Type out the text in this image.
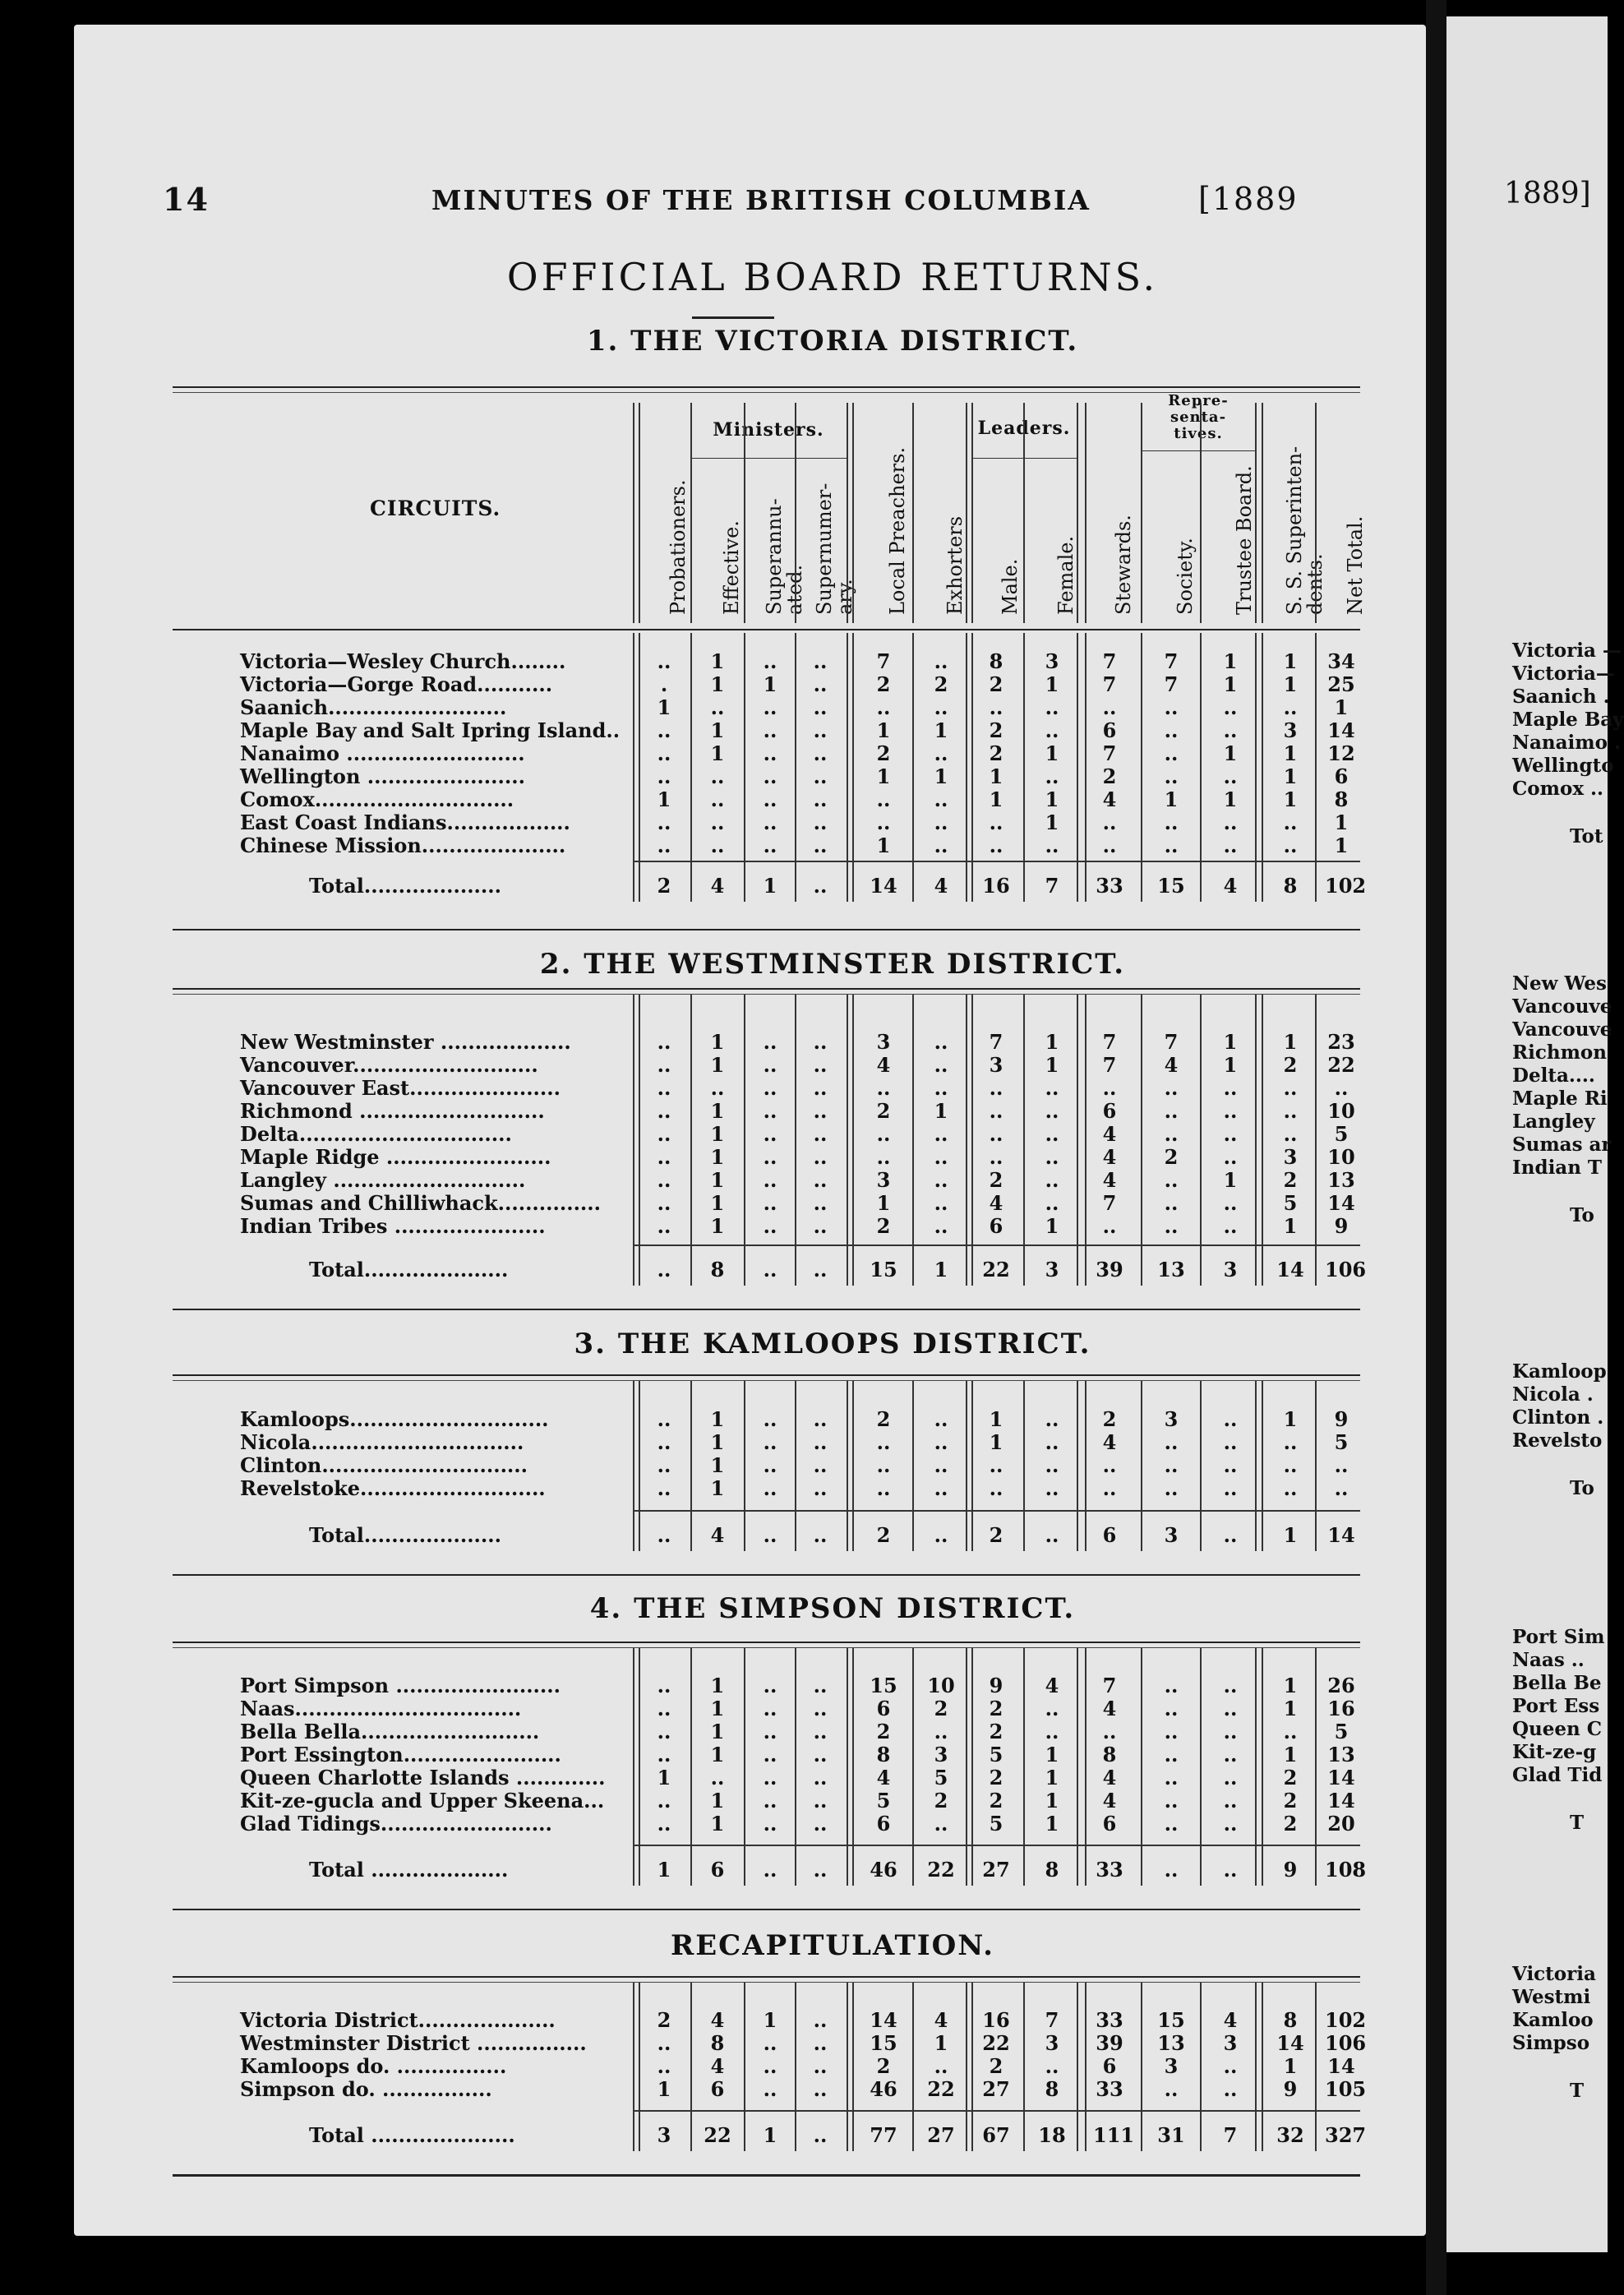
14	MINUTES OF THE BRITISH COLUMBIA	[1889
OFFICIAL BOARD RETURNS.
CIRCUITS.
Ministers.	Leaders.
Repre-
senta-
tives.
Probationers. Effective. Superannu-
ated. Supernumer-
ary. Local Preachers. Exhorters Male. Female. Stewards. Society. Trustee Board. S. S. Superinten-
dents. Net Total.
1. THE VICTORIA DISTRICT.
Victoria—Wesley Church........	..	1	..	..	7	..	8	3	7	7	1	1	34
Victoria—Gorge Road...........	.	1	1	..	2	2	2	1	7	7	1	1	25
Saanich..........................	1	..	..	..	..	..	..	..	..	..	..	..	1
Maple Bay and Salt Ipring Island..	..	1	..	..	1	1	2	..	6	..	..	3	14
Nanaimo ..........................	..	1	..	..	2	..	2	1	7	..	1	1	12
Wellington .......................	..	..	..	..	1	1	1	..	2	..	..	1	6
Comox.............................	1	..	..	..	..	..	1	1	4	1	1	1	8
East Coast Indians..................	..	..	..	..	..	..	..	1	..	..	..	..	1
Chinese Mission.....................	..	..	..	..	1	..	..	..	..	..	..	..	1
Total....................	2	4	1	..	14	4	16	7	33 15	4	8	102
2. THE WESTMINSTER DISTRICT.
New Westminster ...................	..	1	..	..	3	..	7	1	7	7	1	1	23
Vancouver...........................	..	1	..	..	4	..	3	1	7	4	1	2	22
Vancouver East......................	..	..	..	..	..	..	..	..	..	..	..	..	..
Richmond ...........................	..	1	..	..	2	1	..	..	6	..	..	..	10
Delta...............................	..	1	..	..	..	..	..	..	4	..	..	..	5
Maple Ridge ........................	..	1	..	..	..	..	..	..	4	2	..	3	10
Langley ............................	..	1	..	..	3	..	2	..	4	..	1	2	13
Sumas and Chilliwhack...............	..	1	..	..	1	..	4	..	7	..	..	5	14
Indian Tribes ......................	..	1	..	..	2	..	6	1	..	..	..	1	9
Total.....................	..	8	..	..	15	1	22	3	39 13	3	14 106
3. THE KAMLOOPS DISTRICT.
Kamloops.............................	..	1	..	..	2	..	1	..	2	3	..	1	9
Nicola...............................	..	1	..	..	..	..	1	..	4	..	..	..	5
Clinton..............................	..	1	..	..	..	..	..	..	..	..	..	..	..
Revelstoke...........................	..	1	..	..	..	..	..	..	..	..	..	..	..
Total....................	..	4	..	..	2	..	2	..	6	3	..	1	14
4. THE SIMPSON DISTRICT.
Port Simpson ........................	..	1	..	..	15 10	9	4	7	..	..	1	26
Naas.................................	..	1	..	..	6	2	2	..	4	..	..	1	16
Bella Bella..........................	..	1	..	..	2	..	2	..	..	..	..	..	5
Port Essington.......................	..	1	..	..	8	3	5	1	8	..	..	1	13
Queen Charlotte Islands .............	1	..	..	..	4	5	2	1	4	..	..	2	14
Kit-ze-gucla and Upper Skeena...	..	1	..	..	5	2	2	1	4	..	..	2	14
Glad Tidings.........................	..	1	..	..	6	..	5	1	6	..	..	2	20
Total ....................	1	6	..	..	46 22 27	8	33	..	..	9	108
RECAPITULATION.
Victoria District....................	2	4	1	..	14	4	16	7	33 15	4	8	102
Westminster District ................	..	8	..	..	15	1	22	3	39 13	3	14 106
Kamloops do. ................	..	4	..	..	2	..	2	..	6	3	..	1	14
Simpson do. ................	1	6	..	..	46 22 27	8	33	..	..	9	105
Total .....................	3	22	1	..	77 27 67 18 111 31	7	32 327
1889]
Victoria —
Victoria—
Saanich .
Maple Bay
Nanaimo .
Wellingto
Comox ..
Tot
New Wes
Vancouve
Vancouve
Richmon
Delta....
Maple Ri
Langley
Sumas ar
Indian T
To
Kamloop
Nicola .
Clinton .
Revelsto
To
Port Sim
Naas ..
Bella Be
Port Ess
Queen C
Kit-ze-g
Glad Tid
T
Victoria
Westmi
Kamloo
Simpso
T
